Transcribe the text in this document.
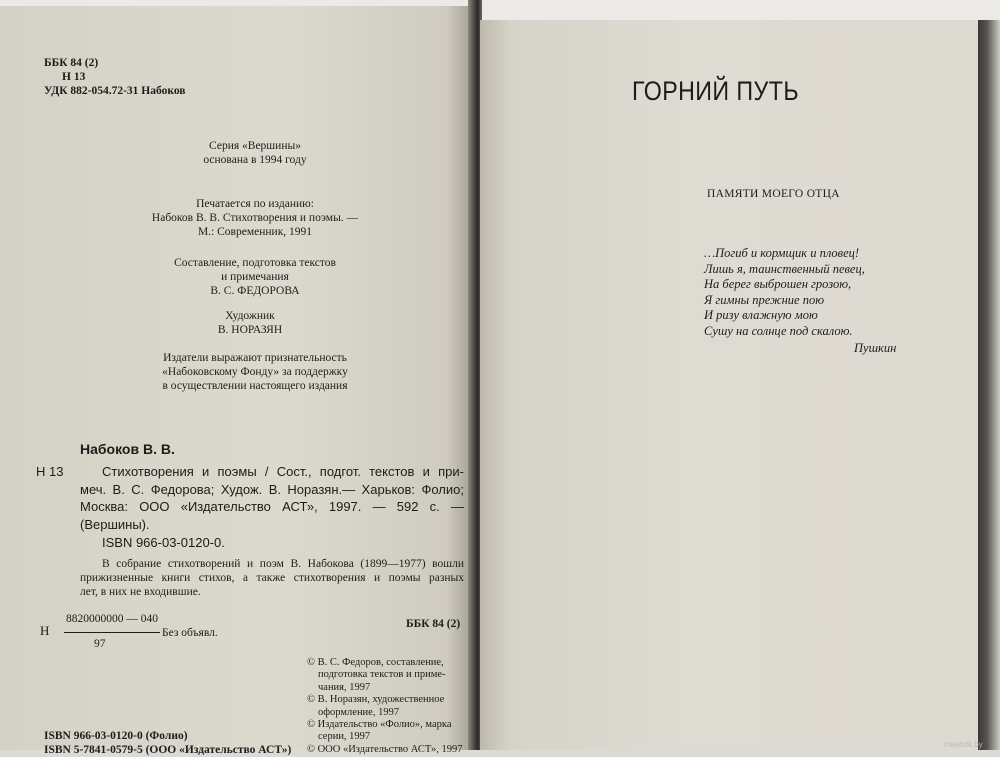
ББК 84 (2)
Н 13
УДК 882-054.72-31 Набоков
Серия «Вершины»
основана в 1994 году
Печатается по изданию:
Набоков В. В. Стихотворения и поэмы. —
М.: Современник, 1991
Составление, подготовка текстов
и примечания
В. С. ФЕДОРОВА
Художник
В. НОРАЗЯН
Издатели выражают признательность
«Набоковскому Фонду» за поддержку
в осуществлении настоящего издания
Набоков В. В.
Н 13	Стихотворения и поэмы / Сост., подгот. текстов и при-
меч. В. С. Федорова; Худож. В. Норазян.— Харьков: Фолио;
Москва: ООО «Издательство АСТ», 1997. — 592 с. —
(Вершины).
ISBN 966-03-0120-0.
В собрание стихотворений и поэм В. Набокова (1899—1977) вошли
прижизненные книги стихов, а также стихотворения и поэмы разных
лет, в них не входившие.
Н $\frac{8820000000 — 040}{97}$ Без объявл.
ББК 84 (2)
© В. С. Федоров, составление,
подготовка текстов и приме-
чания, 1997
© В. Норазян, художественное
оформление, 1997
© Издательство «Фолио», марка
серии, 1997
© ООО «Издательство АСТ», 1997
ISBN 966-03-0120-0 (Фолио)
ISBN 5-7841-0579-5 (ООО «Издательство АСТ»)
ГОРНИЙ ПУТЬ
ПАМЯТИ МОЕГО ОТЦА
…Погиб и кормщик и пловец!
Лишь я, таинственный певец,
На берег выброшен грозою,
Я гимны прежние пою
И ризу влажную мою
Сушу на солнце под скалою.
Пушкин
meshok.by
